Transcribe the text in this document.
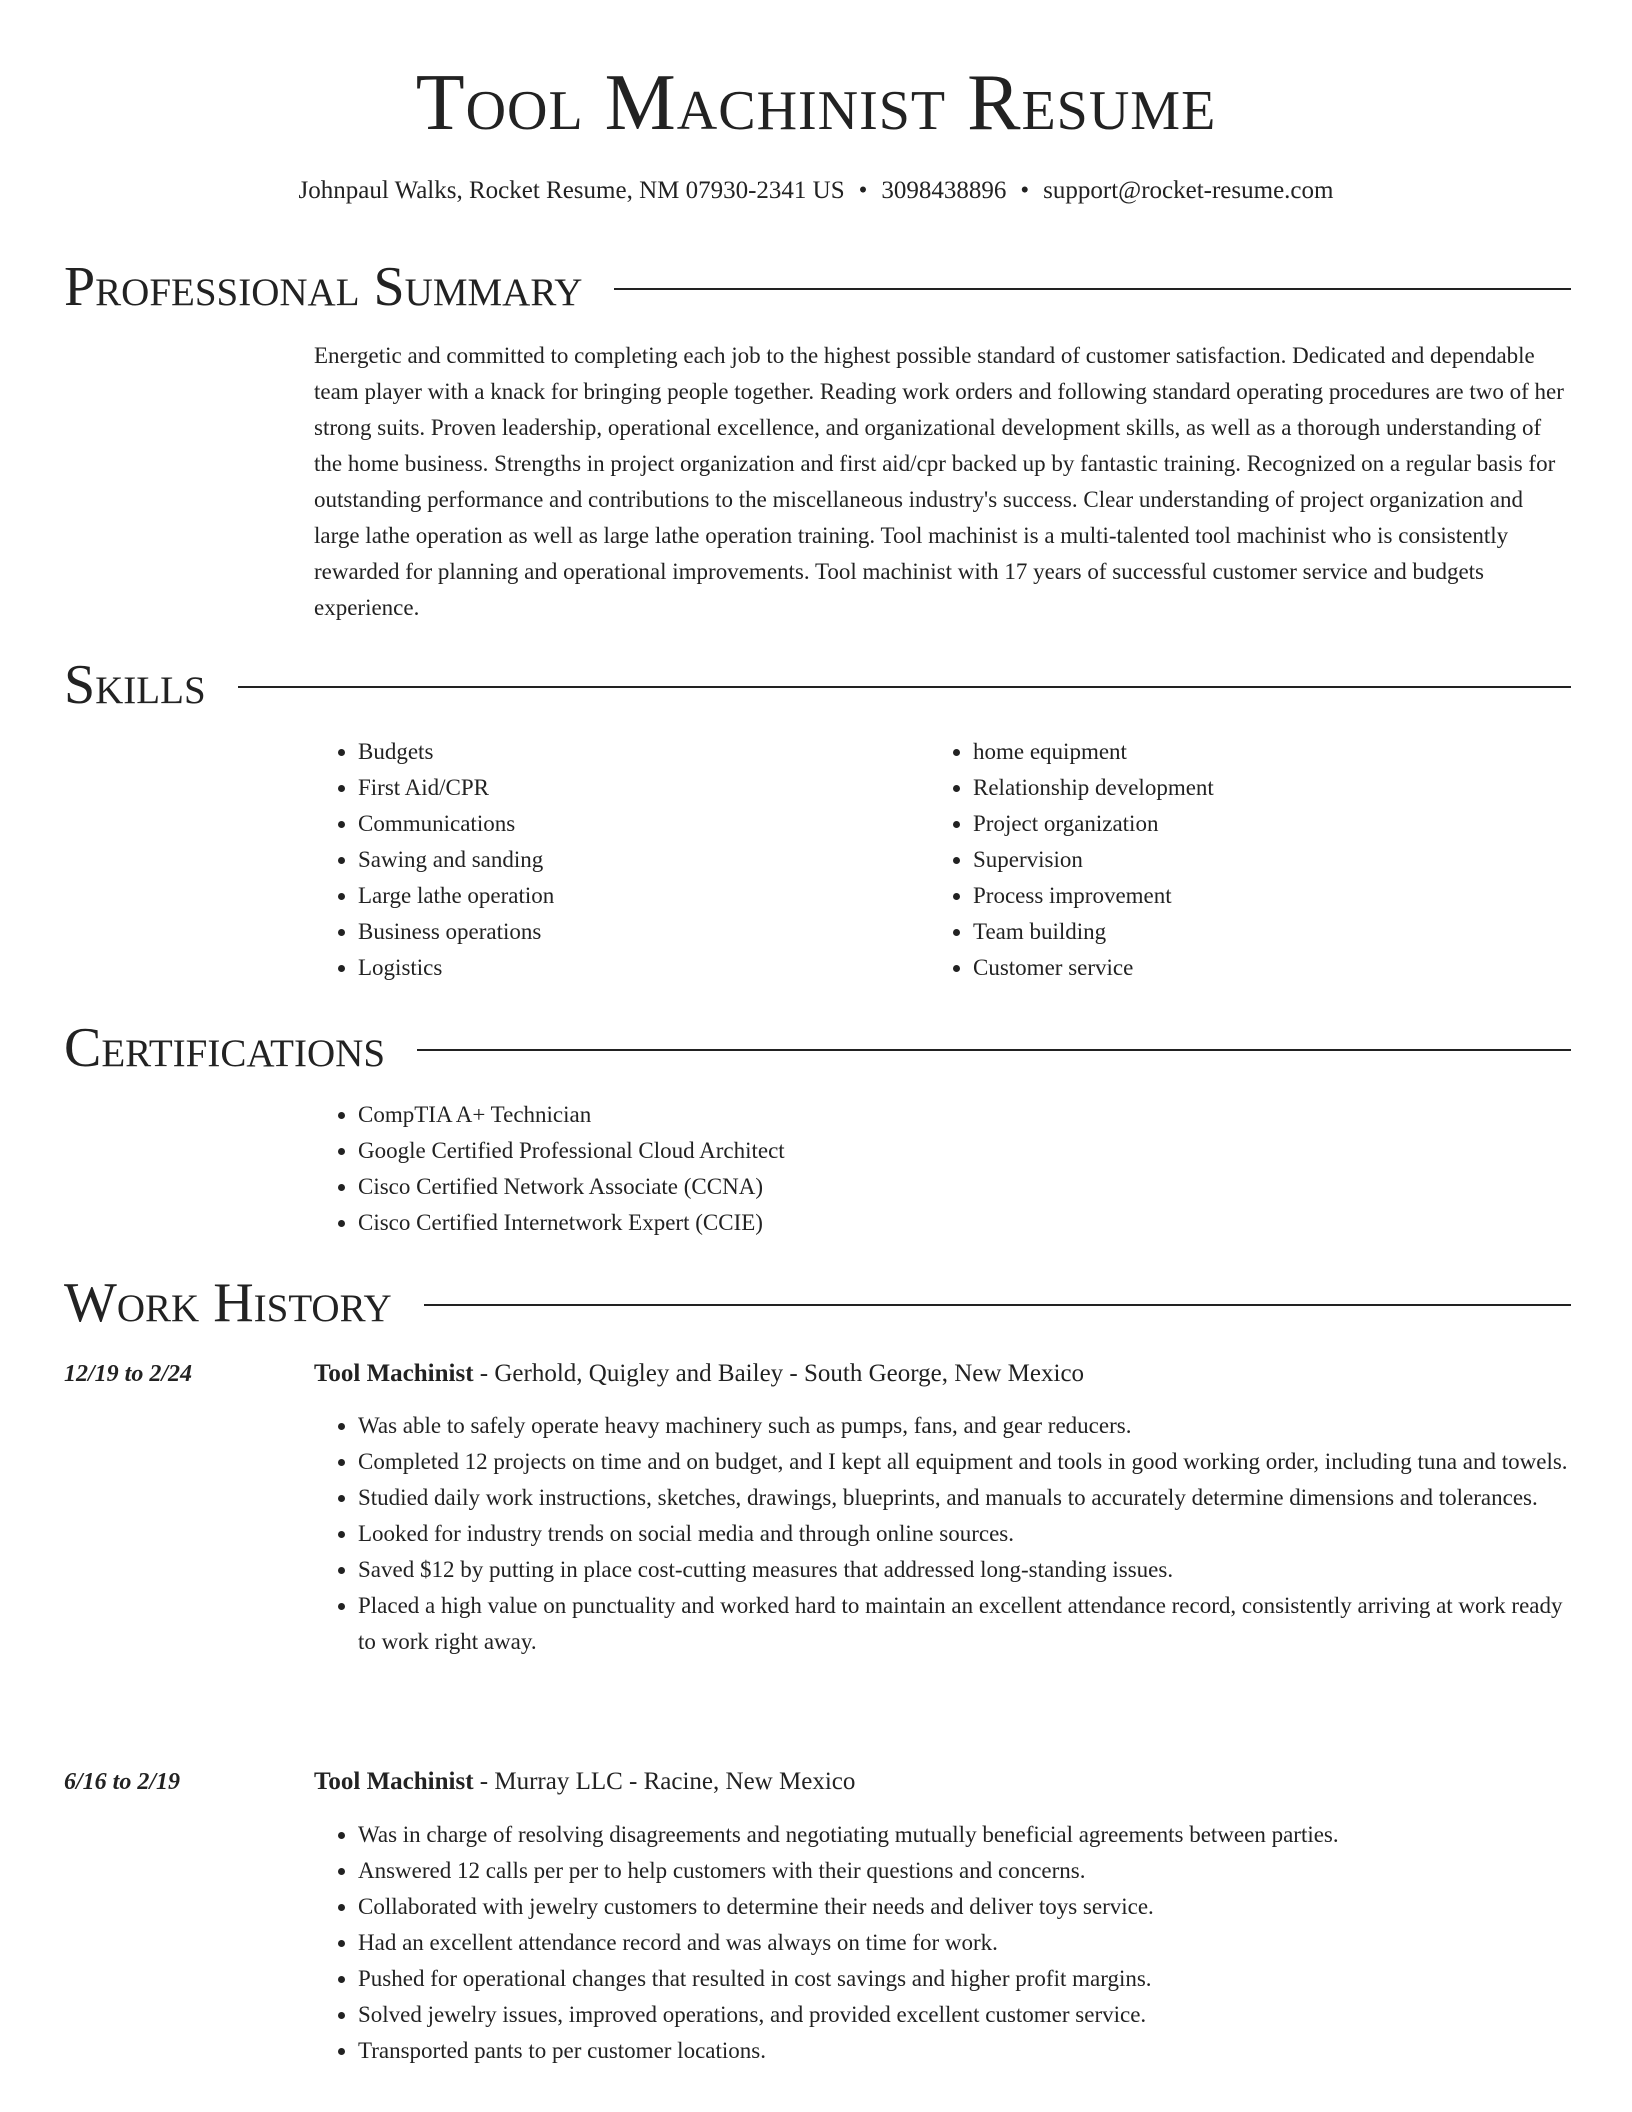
Tool Machinist Resume
Johnpaul Walks, Rocket Resume, NM 07930-2341 US • 3098438896 • support@rocket-resume.com
Professional Summary
Energetic and committed to completing each job to the highest possible standard of customer satisfaction. Dedicated and dependable team player with a knack for bringing people together. Reading work orders and following standard operating procedures are two of her strong suits. Proven leadership, operational excellence, and organizational development skills, as well as a thorough understanding of the home business. Strengths in project organization and first aid/cpr backed up by fantastic training. Recognized on a regular basis for outstanding performance and contributions to the miscellaneous industry's success. Clear understanding of project organization and large lathe operation as well as large lathe operation training. Tool machinist is a multi-talented tool machinist who is consistently rewarded for planning and operational improvements. Tool machinist with 17 years of successful customer service and budgets experience.
Skills
• Budgets
• First Aid/CPR
• Communications
• Sawing and sanding
• Large lathe operation
• Business operations
• Logistics
• home equipment
• Relationship development
• Project organization
• Supervision
• Process improvement
• Team building
• Customer service
Certifications
• CompTIA A+ Technician
• Google Certified Professional Cloud Architect
• Cisco Certified Network Associate (CCNA)
• Cisco Certified Internetwork Expert (CCIE)
Work History
12/19 to 2/24	Tool Machinist - Gerhold, Quigley and Bailey - South George, New Mexico
• Was able to safely operate heavy machinery such as pumps, fans, and gear reducers.
• Completed 12 projects on time and on budget, and I kept all equipment and tools in good working order, including tuna and towels.
• Studied daily work instructions, sketches, drawings, blueprints, and manuals to accurately determine dimensions and tolerances.
• Looked for industry trends on social media and through online sources.
• Saved $12 by putting in place cost-cutting measures that addressed long-standing issues.
• Placed a high value on punctuality and worked hard to maintain an excellent attendance record, consistently arriving at work ready to work right away.
6/16 to 2/19	Tool Machinist - Murray LLC - Racine, New Mexico
• Was in charge of resolving disagreements and negotiating mutually beneficial agreements between parties.
• Answered 12 calls per per to help customers with their questions and concerns.
• Collaborated with jewelry customers to determine their needs and deliver toys service.
• Had an excellent attendance record and was always on time for work.
• Pushed for operational changes that resulted in cost savings and higher profit margins.
• Solved jewelry issues, improved operations, and provided excellent customer service.
• Transported pants to per customer locations.
